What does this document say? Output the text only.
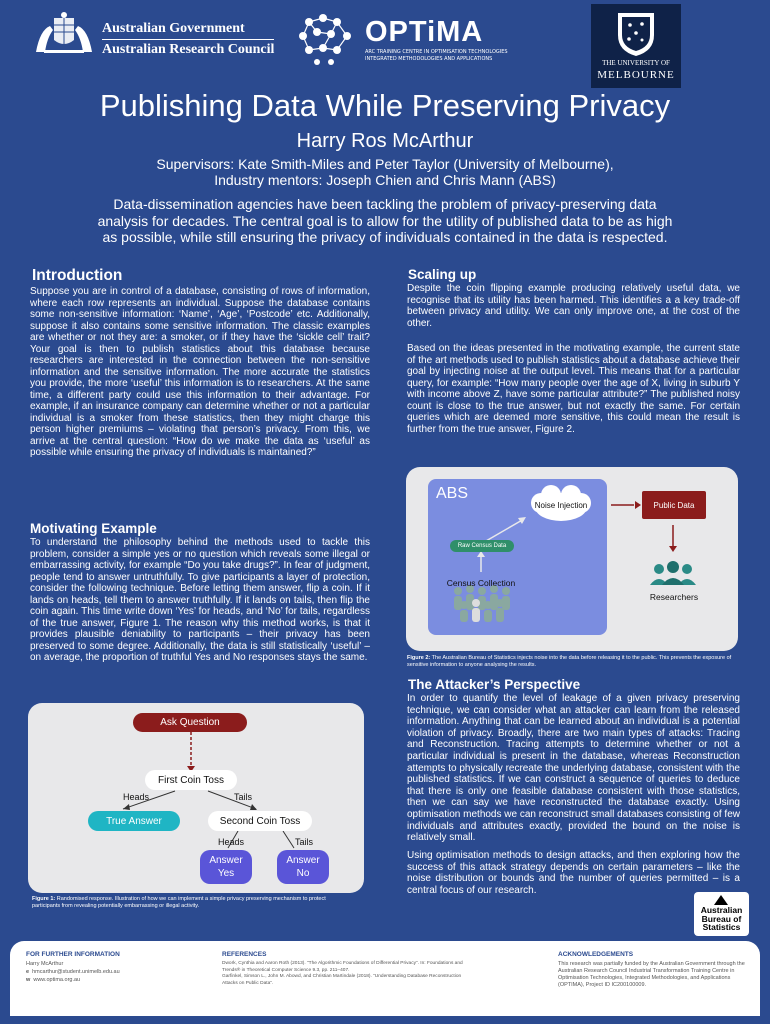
Australian Government
Australian Research Council
OPTiMA
ARC TRAINING CENTRE IN OPTIMISATION TECHNOLOGIES
INTEGRATED METHODOLOGIES AND APPLICATIONS	THE UNIVERSITY OF
MELBOURNE
Publishing Data While Preserving Privacy
Harry Ros McArthur
Supervisors: Kate Smith-Miles and Peter Taylor (University of Melbourne),
Industry mentors: Joseph Chien and Chris Mann (ABS)
Data-dissemination agencies have been tackling the problem of privacy-preserving data analysis for decades. The central goal is to allow for the utility of published data to be as high as possible, while still ensuring the privacy of individuals contained in the data is respected.
Introduction
Suppose you are in control of a database, consisting of rows of information, where each row represents an individual. Suppose the database contains some non-sensitive information: ‘Name’, ‘Age’, ‘Postcode’ etc. Additionally, suppose it also contains some sensitive information. The classic examples are whether or not they are: a smoker, or if they have the ‘sickle cell’ trait? Your goal is then to publish statistics about this database because researchers are interested in the connection between the non-sensitive information and the sensitive information. The more accurate the statistics you provide, the more ‘useful’ this information is to researchers. At the same time, a different party could use this information to their advantage. For example, if an insurance company can determine whether or not a particular individual is a smoker from these statistics, then they might charge this person higher premiums – violating that person’s privacy. From this, we arrive at the central question: “How do we make the data as ‘useful’ as possible while ensuring the privacy of individuals is maintained?”
Motivating Example
To understand the philosophy behind the methods used to tackle this problem, consider a simple yes or no question which reveals some illegal or embarrassing activity, for example “Do you take drugs?”. In fear of judgment, people tend to answer untruthfully. To give participants a layer of protection, consider the following technique. Before letting them answer, flip a coin. If it lands on heads, tell them to answer truthfully. If it lands on tails, then flip the coin again. This time write down ‘Yes’ for heads, and ‘No’ for tails, regardless of the true answer, Figure 1. The reason why this method works, is that it provides plausible deniability to participants – their privacy has been preserved to some degree. Additionally, the data is still statistically ‘useful’ – on average, the proportion of truthful Yes and No responses stays the same.
Ask Question
First Coin Toss
Heads	Tails
True Answer	Second Coin Toss
Heads	Tails
Answer
Yes
Answer
No
Figure 1: Randomised response. Illustration of how we can implement a simple privacy preserving mechanism to protect participants from revealing potentially embarrassing or illegal activity.
Scaling up
Despite the coin flipping example producing relatively useful data, we recognise that its utility has been harmed. This identifies a a key trade-off between privacy and utility. We can only improve one, at the cost of the other.
Based on the ideas presented in the motivating example, the current state of the art methods used to publish statistics about a database achieve their goal by injecting noise at the output level. This means that for a particular query, for example: “How many people over the age of X, living in suburb Y with income above Z, have some particular attribute?” The published noisy count is close to the true answer, but not exactly the same. For certain queries which are deemed more sensitive, this could mean the result is further from the true answer, Figure 2.
ABS
Noise Injection
Raw Census Data
Census Collection
Public Data
Researchers
Figure 2: The Australian Bureau of Statistics injects noise into the data before releasing it to the public. This prevents the exposure of sensitive information to anyone analysing the results.
The Attacker’s Perspective
In order to quantify the level of leakage of a given privacy preserving technique, we can consider what an attacker can learn from the released information. Anything that can be learned about an individual is a potential violation of privacy. Broadly, there are two main types of attacks: Tracing and Reconstruction. Tracing attempts to determine whether or not a particular individual is present in the database, whereas Reconstruction attempts to physically recreate the underlying database, consistent with the published statistics. If we can construct a sequence of queries to deduce that there is only one feasible database consistent with those statistics, then we can say we have reconstructed the database exactly. Using optimisation methods we can reconstruct small databases consisting of few individuals and attributes exactly, provided the bound on the noise is relatively small.
Using optimisation methods to design attacks, and then exploring how the success of this attack strategy depends on certain parameters – like the noise distribution or bounds and the number of queries permitted – is a central focus of our research.
Australian
Bureau of
Statistics
FOR FURTHER INFORMATION
Harry McArthur
e hmcarthur@student.unimelb.edu.au
w www.optima.org.au
REFERENCES
Dwork, Cynthia and Aaron Roth (2013). “The Algorithmic Foundations of Differential Privacy”. In: Foundations and
Trends® in Theoretical Computer Science 9.3, pp. 211–407.
Garfinkel, Simson L., John M. Abowd, and Christian Martindale (2018). “Understanding Database Reconstruction
Attacks on Public Data”.
ACKNOWLEDGEMENTS
This research was partially funded by the Australian Government through the Australian Research Council Industrial Transformation Training Centre in Optimisation Technologies, Integrated Methodologies, and Applications (OPTIMA), Project ID IC200100009.
